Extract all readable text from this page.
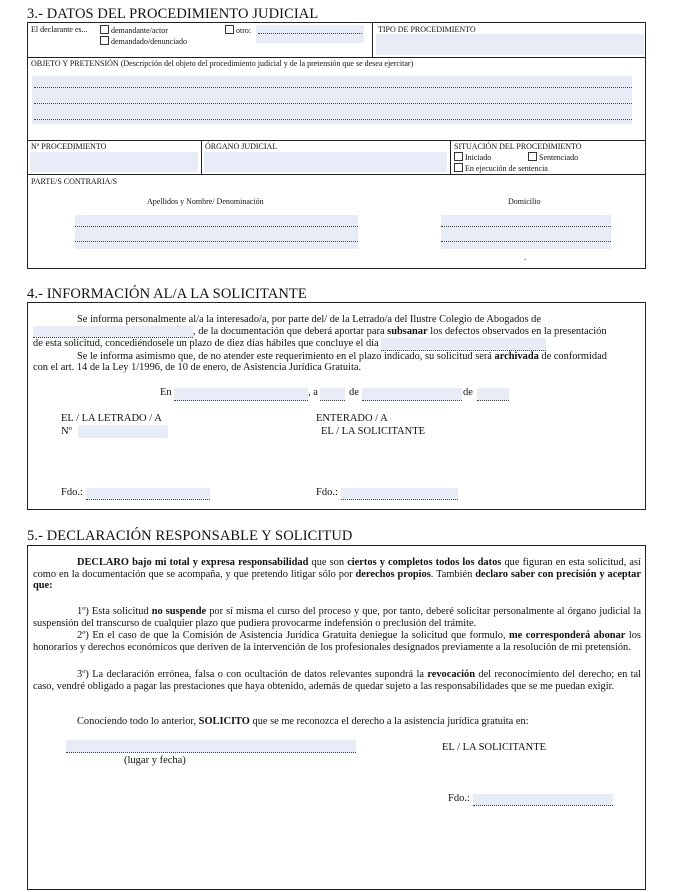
3.- DATOS DEL PROCEDIMIENTO JUDICIAL
El declarante es...	demandante/actor
demandado/denunciado
otro:	TIPO DE PROCEDIMIENTO
OBJETO Y PRETENSIÓN (Descripción del objeto del procedimiento judicial y de la pretensión que se desea ejercitar)
Nº PROCEDIMIENTO	ÓRGANO JUDICIAL	SITUACIÓN DEL PROCEDIMIENTO
Iniciado	Sentenciado
En ejecución de sentencia
PARTE/S CONTRARIA/S
Apellidos y Nombre/ Denominación	Domicilio
.
4.- INFORMACIÓN AL/A LA SOLICITANTE
Se informa personalmente al/a la interesado/a, por parte del/ de la Letrado/a del Ilustre Colegio de Abogados de
, de la documentación que deberá aportar para subsanar los defectos observados en la presentación
de esta solicitud, concediéndosele un plazo de diez días hábiles que concluye el día
Se le informa asimismo que, de no atender este requerimiento en el plazo indicado, su solicitud será archivada de conformidad
con el art. 14 de la Ley 1/1996, de 10 de enero, de Asistencia Jurídica Gratuita.
En	, a	de	de
EL / LA LETRADO / A
Nº
ENTERADO / A
EL / LA SOLICITANTE
Fdo.:	Fdo.:
5.- DECLARACIÓN RESPONSABLE Y SOLICITUD
DECLARO bajo mi total y expresa responsabilidad que son ciertos y completos todos los datos que figuran en esta solicitud, así como en la documentación que se acompaña, y que pretendo litigar sólo por derechos propios. También declaro saber con precisión y aceptar que:
1º) Esta solicitud no suspende por sí misma el curso del proceso y que, por tanto, deberé solicitar personalmente al órgano judicial la suspensión del transcurso de cualquier plazo que pudiera provocarme indefensión o preclusión del trámite.
2º) En el caso de que la Comisión de Asistencia Jurídica Gratuita deniegue la solicitud que formulo, me corresponderá abonar los honorarios y derechos económicos que deriven de la intervención de los profesionales designados previamente a la resolución de mi pretensión.
3º) La declaración errónea, falsa o con ocultación de datos relevantes supondrá la revocación del reconocimiento del derecho; en tal caso, vendré obligado a pagar las prestaciones que haya obtenido, además de quedar sujeto a las responsabilidades que se me puedan exigir.
Conociendo todo lo anterior, SOLICITO que se me reconozca el derecho a la asistencia jurídica gratuita en:
(lugar y fecha)
EL / LA SOLICITANTE
Fdo.:
